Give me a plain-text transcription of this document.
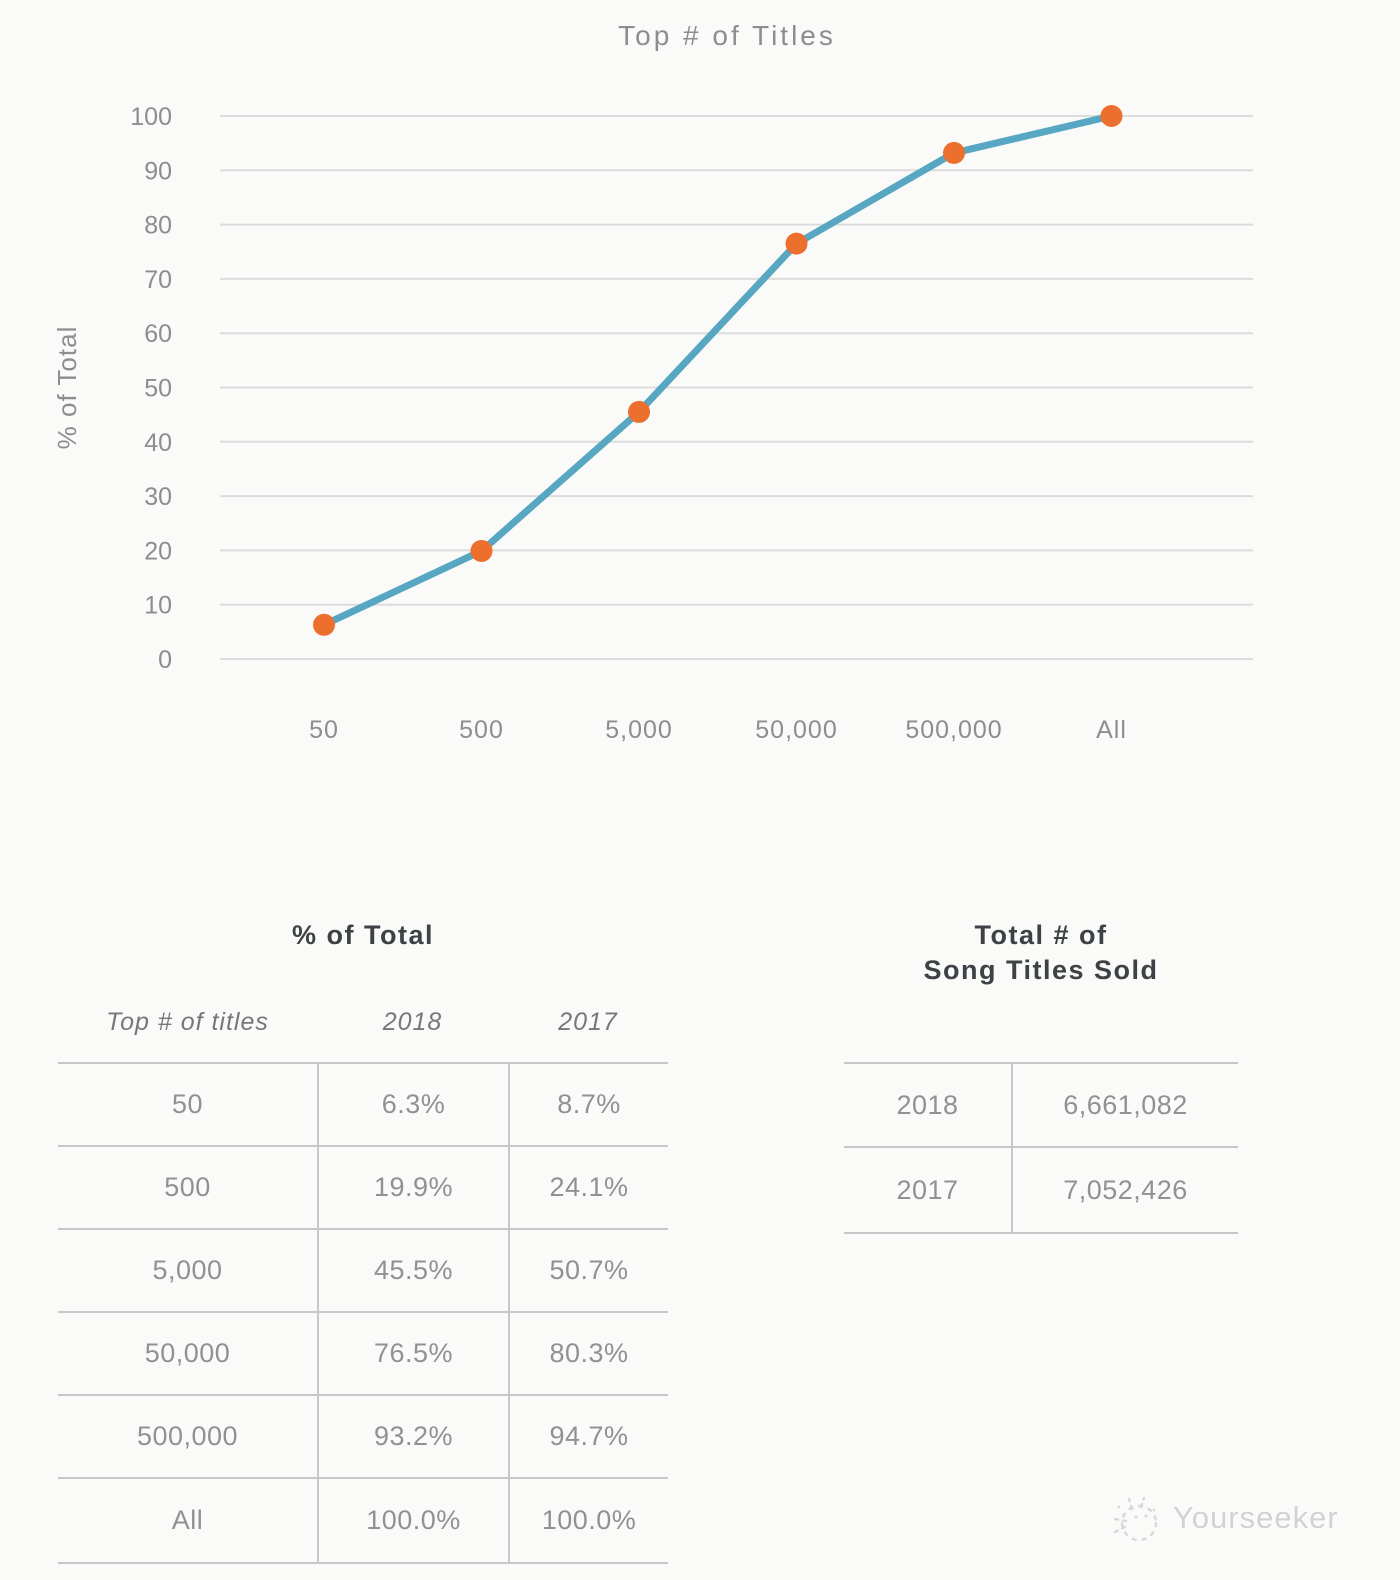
Top # of Titles
0
10
20
30
40
50
60
70
80
90
100
50	500	5,000	50,000	500,000	All
% of Total
% of Total
Top # of titles	2018	2017
50	6.3%	8.7%
500	19.9%	24.1%
5,000	45.5%	50.7%
50,000	76.5%	80.3%
500,000	93.2%	94.7%
All	100.0%	100.0%
Total # of
Song Titles Sold
2018	6,661,082
2017	7,052,426
Yourseeker
